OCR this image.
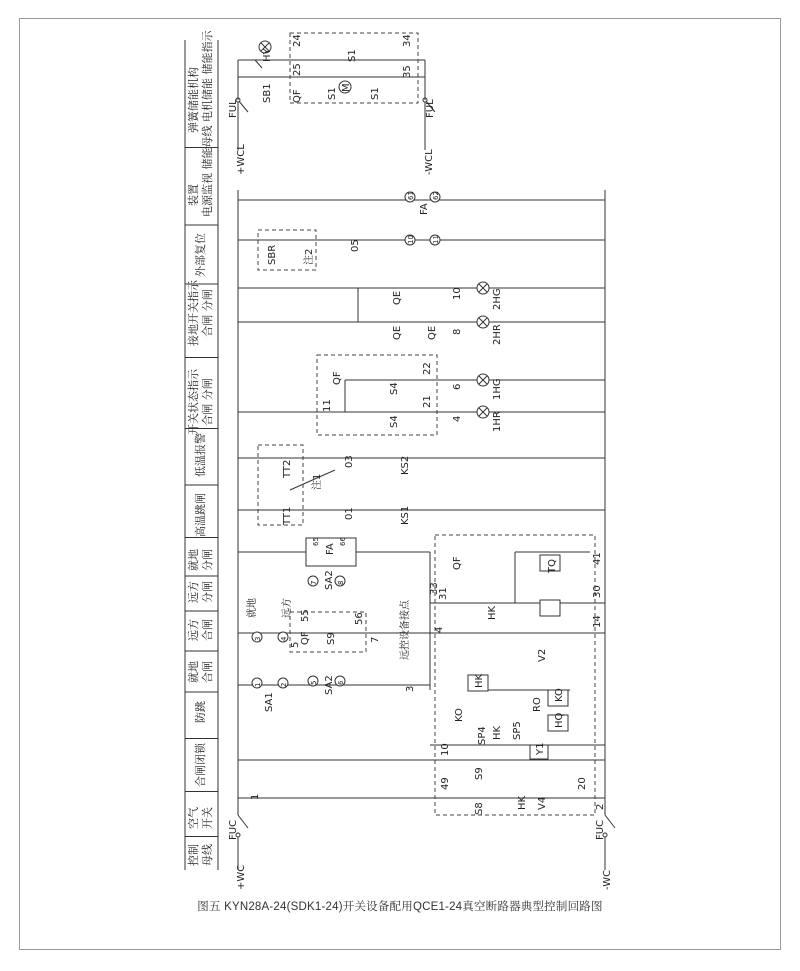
控制 母线
空气 开关
合闸闭锁
防跳
就地 合闸
远方 合闸
远方 分闸
就地 分闸
高温跳闸
低温报警
开关状态指示 合闸 分闸
接地开关指示 合闸 分闸
外部复位
装置 电源监视
弹簧储能机构 储能母线 电机储能 储能指示 FUL	FUL
FUC	FUC
+WCL	-WCL
+WC	-WC
SB1
HY
QF
24
25
S1
S1 M S1
34
35
61 62
FA
SBR	注2
05	10 11
QE
QE QE
10
8
2HG
2HR
QF
11
S4
S4
22
21
6
4
1HG
1HR
TT2
TT1
注1
03
01
KS2
KS1
65	66
FA
7	8
SA2
QF
33
31
HK
TQ
41
30
14
4
就地 远方
3	4
5 QF
55
S9
56
7 远控设备接点
1	2	5	6
SA1
SA2	3
HK
KO
RO
HQ
KO
SP4 HK SP5
Y1
V2
10
49
S9
S8	HK V4
20
1
2
图五 KYN28A-24(SDK1-24)开关设备配用QCE1-24真空断路器典型控制回路图
